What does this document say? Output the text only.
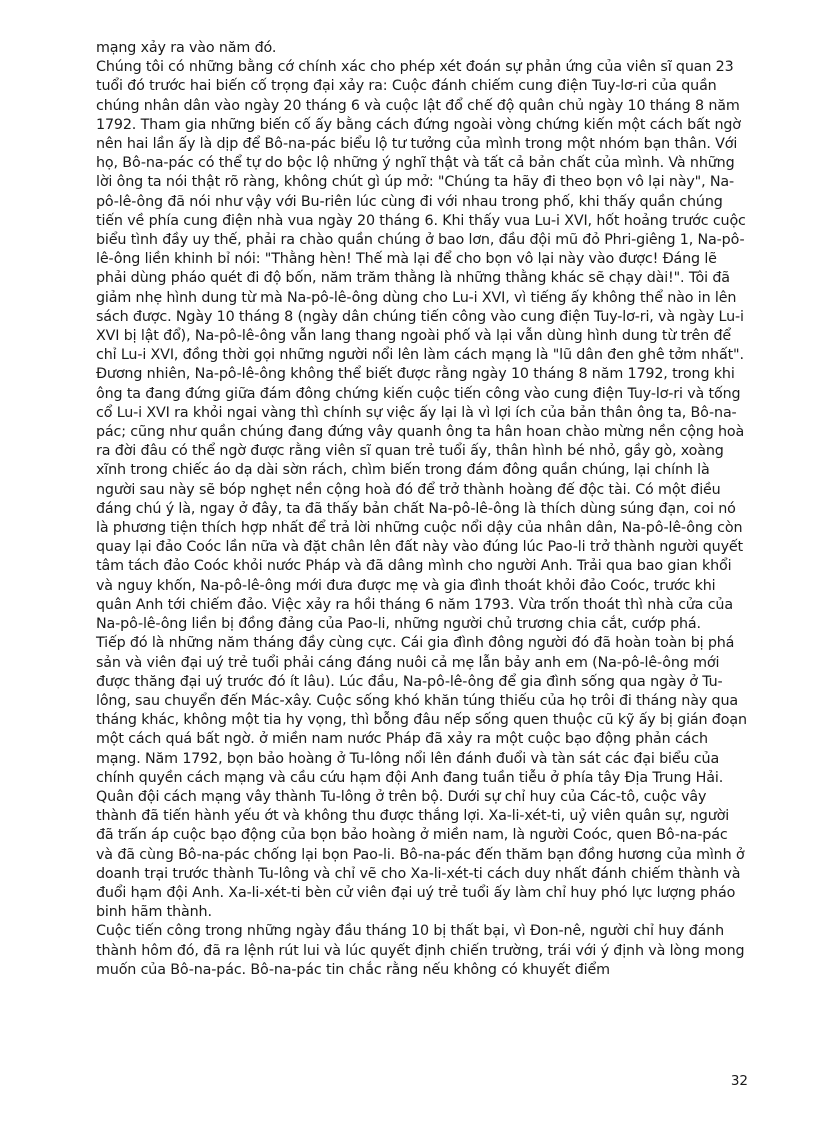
mạng xảy ra vào năm đó.

Chúng tôi có những bằng cớ chính xác cho phép xét đoán sự phản ứng của viên sĩ quan 23 tuổi đó trước hai biến cố trọng đại xảy ra: Cuộc đánh chiếm cung điện Tuy-lơ-ri của quần chúng nhân dân vào ngày 20 tháng 6 và cuộc lật đổ chế độ quân chủ ngày 10 tháng 8 năm 1792. Tham gia những biến cố ấy bằng cách đứng ngoài vòng chứng kiến một cách bất ngờ nên hai lần ấy là dịp để Bô-na-pác biểu lộ tư tưởng của mình trong một nhóm bạn thân. Với họ, Bô-na-pác có thể tự do bộc lộ những ý nghĩ thật và tất cả bản chất của mình. Và những lời ông ta nói thật rõ ràng, không chút gì úp mở: "Chúng ta hãy đi theo bọn vô lại này", Na-pô-lê-ông đã nói như vậy với Bu-riên lúc cùng đi với nhau trong phố, khi thấy quần chúng tiến về phía cung điện nhà vua ngày 20 tháng 6. Khi thấy vua Lu-i XVI, hốt hoảng trước cuộc biểu tình đầy uy thế, phải ra chào quần chúng ở bao lơn, đầu đội mũ đỏ Phri-giêng 1, Na-pô-lê-ông liền khinh bỉ nói: "Thằng hèn! Thế mà lại để cho bọn vô lại này vào được! Đáng lẽ phải dùng pháo quét đi độ bốn, năm trăm thằng là những thằng khác sẽ chạy dài!". Tôi đã giảm nhẹ hình dung từ mà Na-pô-lê-ông dùng cho Lu-i XVI, vì tiếng ấy không thể nào in lên sách được. Ngày 10 tháng 8 (ngày dân chúng tiến công vào cung điện Tuy-lơ-ri, và ngày Lu-i XVI bị lật đổ), Na-pô-lê-ông vẫn lang thang ngoài phố và lại vẫn dùng hình dung từ trên để chỉ Lu-i XVI, đồng thời gọi những người nổi lên làm cách mạng là "lũ dân đen ghê tởm nhất".

Đương nhiên, Na-pô-lê-ông không thể biết được rằng ngày 10 tháng 8 năm 1792, trong khi ông ta đang đứng giữa đám đông chứng kiến cuộc tiến công vào cung điện Tuy-lơ-ri và tống cổ Lu-i XVI ra khỏi ngai vàng thì chính sự việc ấy lại là vì lợi ích của bản thân ông ta, Bô-na-pác; cũng như quần chúng đang đứng vây quanh ông ta hân hoan chào mừng nền cộng hoà ra đời đâu có thể ngờ được rằng viên sĩ quan trẻ tuổi ấy, thân hình bé nhỏ, gầy gò, xoàng xĩnh trong chiếc áo dạ dài sờn rách, chìm biến trong đám đông quần chúng, lại chính là người sau này sẽ bóp nghẹt nền cộng hoà đó để trở thành hoàng đế độc tài. Có một điều đáng chú ý là, ngay ở đây, ta đã thấy bản chất Na-pô-lê-ông là thích dùng súng đạn, coi nó là phương tiện thích hợp nhất để trả lời những cuộc nổi dậy của nhân dân, Na-pô-lê-ông còn quay lại đảo Coóc lần nữa và đặt chân lên đất này vào đúng lúc Pao-li trở thành người quyết tâm tách đảo Coóc khỏi nước Pháp và đã dâng mình cho người Anh. Trải qua bao gian khổi và nguy khốn, Na-pô-lê-ông mới đưa được mẹ và gia đình thoát khỏi đảo Coóc, trước khi quân Anh tới chiếm đảo. Việc xảy ra hồi tháng 6 năm 1793. Vừa trốn thoát thì nhà cửa của Na-pô-lê-ông liền bị đồng đảng của Pao-li, những người chủ trương chia cắt, cướp phá.

Tiếp đó là những năm tháng đầy cùng cực. Cái gia đình đông người đó đã hoàn toàn bị phá sản và viên đại uý trẻ tuổi phải cáng đáng nuôi cả mẹ lẫn bảy anh em (Na-pô-lê-ông mới được thăng đại uý trước đó ít lâu). Lúc đầu, Na-pô-lê-ông để gia đình sống qua ngày ở Tu-lông, sau chuyển đến Mác-xây. Cuộc sống khó khăn túng thiếu của họ trôi đi tháng này qua tháng khác, không một tia hy vọng, thì bỗng đâu nếp sống quen thuộc cũ kỹ ấy bị gián đoạn một cách quá bất ngờ. ở miền nam nước Pháp đã xảy ra một cuộc bạo động phản cách mạng. Năm 1792, bọn bảo hoàng ở Tu-lông nổi lên đánh đuổi và tàn sát các đại biểu của chính quyền cách mạng và cầu cứu hạm đội Anh đang tuần tiễu ở phía tây Địa Trung Hải. Quân đội cách mạng vây thành Tu-lông ở trên bộ. Dưới sự chỉ huy của Các-tô, cuộc vây thành đã tiến hành yếu ớt và không thu được thắng lợi. Xa-li-xét-ti, uỷ viên quân sự, người đã trấn áp cuộc bạo động của bọn bảo hoàng ở miền nam, là người Coóc, quen Bô-na-pác và đã cùng Bô-na-pác chống lại bọn Pao-li. Bô-na-pác đến thăm bạn đồng hương của mình ở doanh trại trước thành Tu-lông và chỉ vẽ cho Xa-li-xét-ti cách duy nhất đánh chiếm thành và đuổi hạm đội Anh. Xa-li-xét-ti bèn cử viên đại uý trẻ tuổi ấy làm chỉ huy phó lực lượng pháo binh hãm thành.

Cuộc tiến công trong những ngày đầu tháng 10 bị thất bại, vì Đon-nê, người chỉ huy đánh thành hôm đó, đã ra lệnh rút lui và lúc quyết định chiến trường, trái với ý định và lòng mong muốn của Bô-na-pác. Bô-na-pác tin chắc rằng nếu không có khuyết điểm

32
